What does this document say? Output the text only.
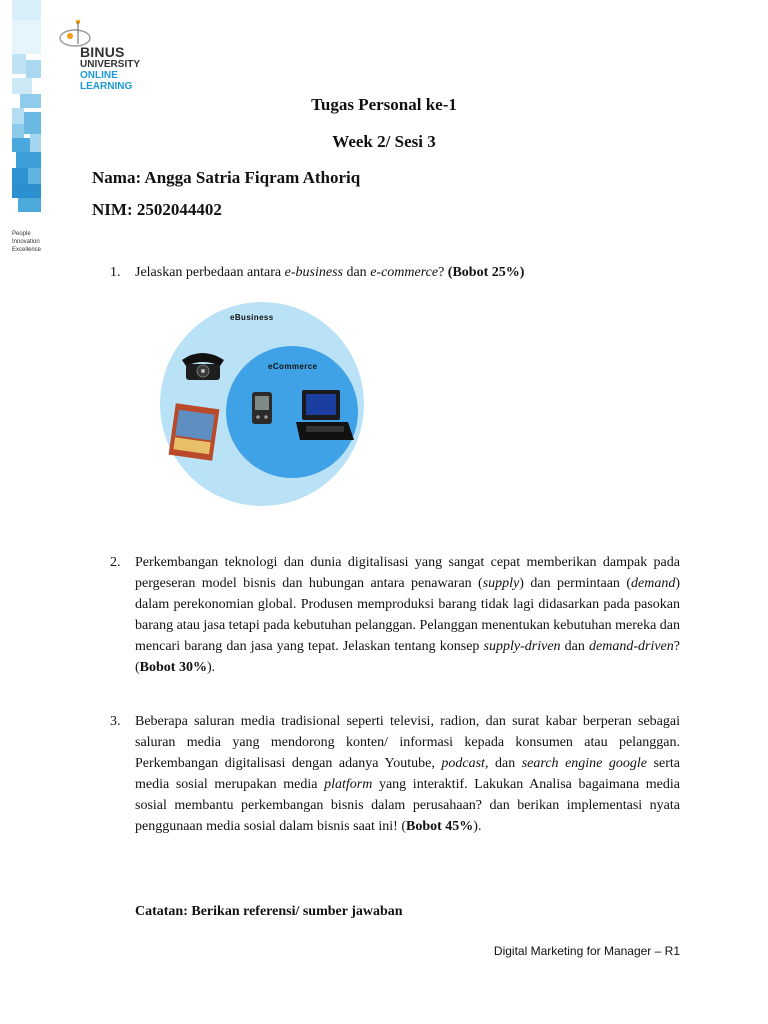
BINUS
UNIVERSITY
ONLINE
LEARNING
People
Innovation
Excellence
Tugas Personal ke-1
Week 2/ Sesi 3
Nama: Angga Satria Fiqram Athoriq
NIM: 2502044402
1. Jelaskan perbedaan antara e-business dan e-commerce? (Bobot 25%)
eBusiness
eCommerce
2. Perkembangan teknologi dan dunia digitalisasi yang sangat cepat memberikan dampak pada pergeseran model bisnis dan hubungan antara penawaran (supply) dan permintaan (demand) dalam perekonomian global. Produsen memproduksi barang tidak lagi didasarkan pada pasokan barang atau jasa tetapi pada kebutuhan pelanggan. Pelanggan menentukan kebutuhan mereka dan mencari barang dan jasa yang tepat. Jelaskan tentang konsep supply-driven dan demand-driven? (Bobot 30%).
3. Beberapa saluran media tradisional seperti televisi, radion, dan surat kabar berperan sebagai saluran media yang mendorong konten/ informasi kepada konsumen atau pelanggan. Perkembangan digitalisasi dengan adanya Youtube, podcast, dan search engine google serta media sosial merupakan media platform yang interaktif. Lakukan Analisa bagaimana media sosial membantu perkembangan bisnis dalam perusahaan? dan berikan implementasi nyata penggunaan media sosial dalam bisnis saat ini! (Bobot 45%).
Catatan: Berikan referensi/ sumber jawaban
Digital Marketing for Manager – R1
